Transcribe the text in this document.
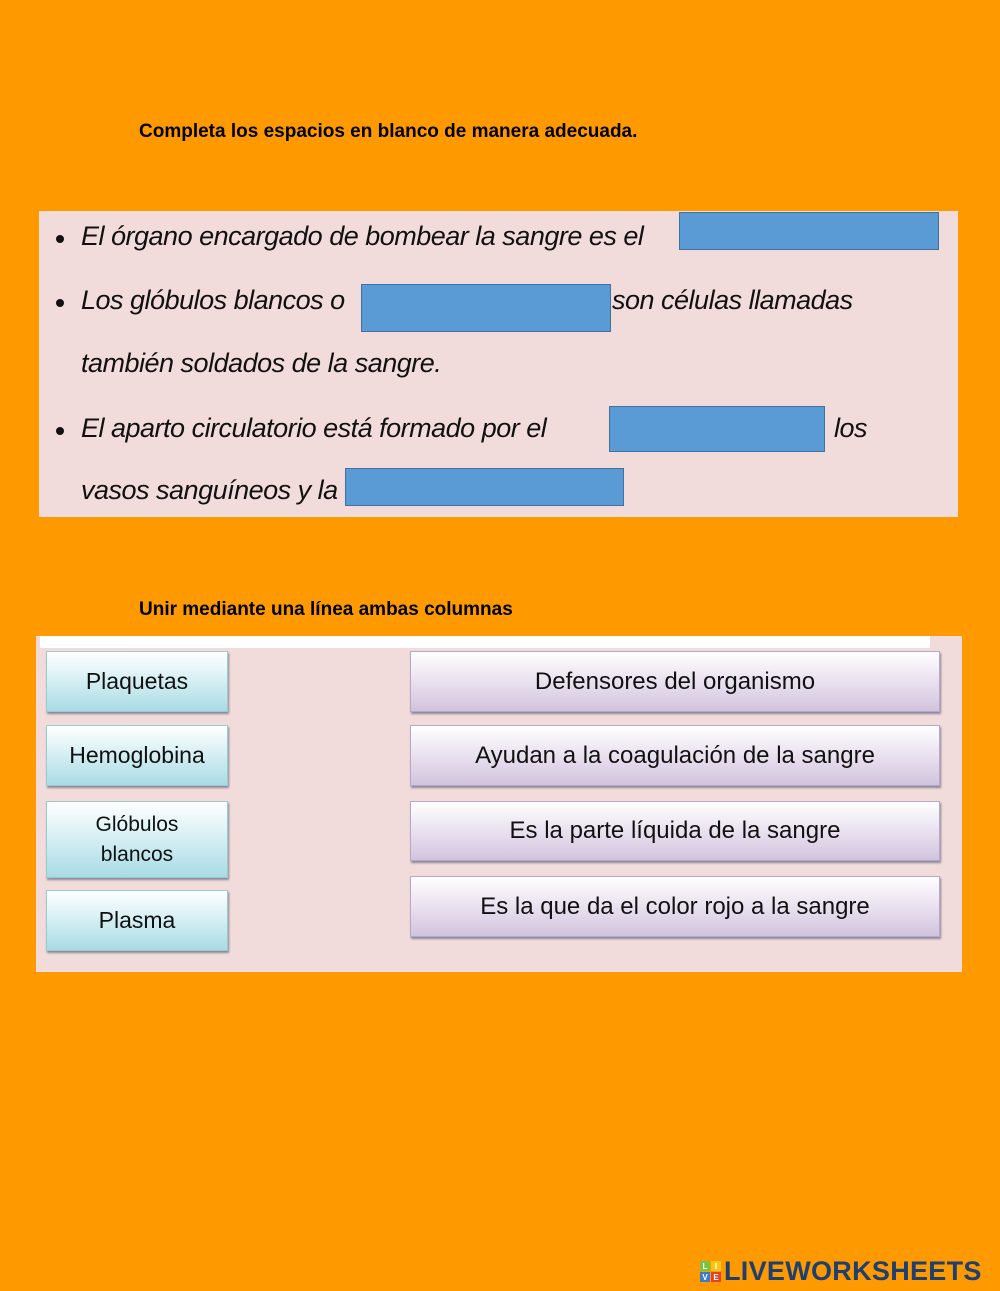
Completa los espacios en blanco de manera adecuada.
El órgano encargado de bombear la sangre es el
Los glóbulos blancos o	son células llamadas
también soldados de la sangre.
El aparto circulatorio está formado por el	los
vasos sanguíneos y la
Unir mediante una línea ambas columnas
Plaquetas
Hemoglobina
Glóbulos blancos
Plasma
Defensores del organismo
Ayudan a la coagulación de la sangre
Es la parte líquida de la sangre
Es la que da el color rojo a la sangre
L I
V E LIVEWORKSHEETS
